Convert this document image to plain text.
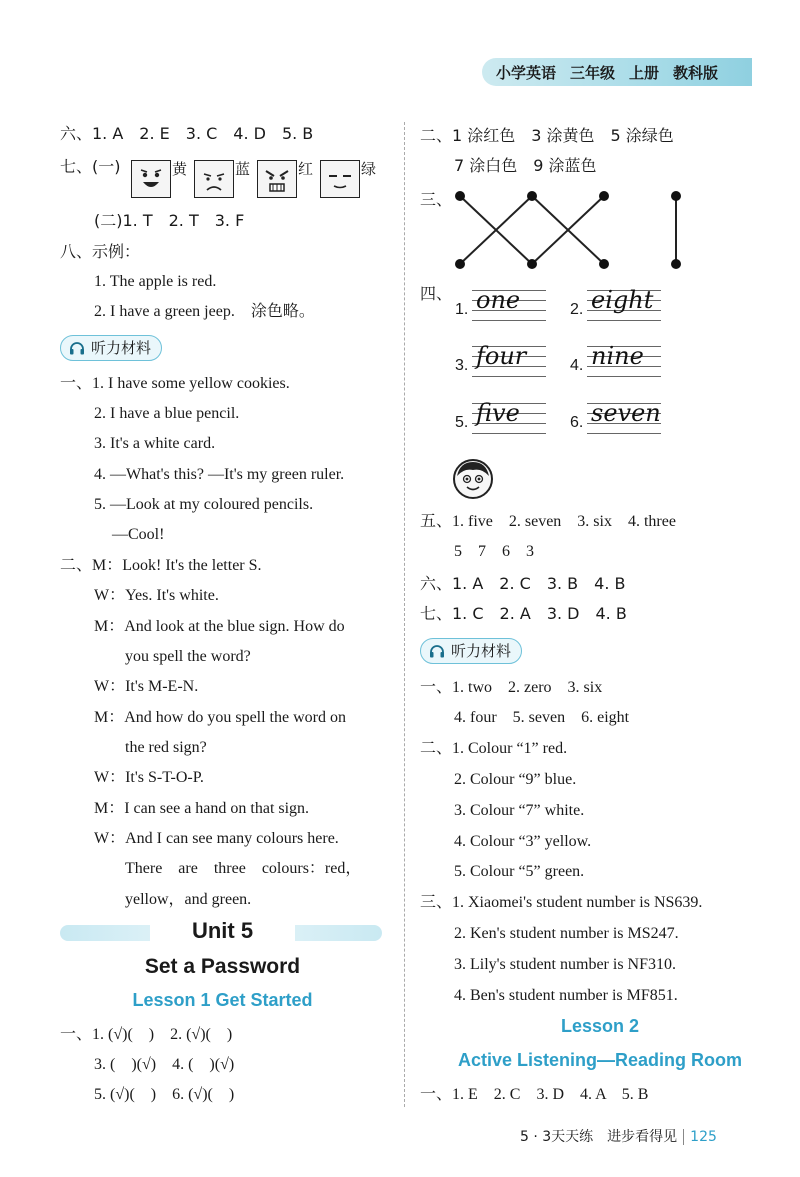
小学英语 三年级 上册 教科版
六、1. A　2. E　3. C　4. D　5. B
七、(一)	黄	蓝	红	绿
(二)1. T　2. T　3. F
八、示例：
1. The apple is red.
2. I have a green jeep.　涂色略。
听力材料
一、1. I have some yellow cookies.
2. I have a blue pencil.
3. It's a white card.
4. —What's this? —It's my green ruler.
5. —Look at my coloured pencils.
—Cool!
二、M：Look! It's the letter S.
W：Yes. It's white.
M：And look at the blue sign. How do
you spell the word?
W：It's M-E-N.
M：And how do you spell the word on
the red sign?
W：It's S-T-O-P.
M：I can see a hand on that sign.
W：And I can see many colours here.
There　are　three　colours：red，
yellow，and green.
Unit 5
Set a Password
Lesson 1 Get Started
一、1. (√)(　)　2. (√)(　)
3. (　)(√)　4. (　)(√)
5. (√)(　)　6. (√)(　)
二、1 涂红色　3 涂黄色　5 涂绿色
7 涂白色　9 涂蓝色
三、
四、
1. one	2. eight
3. four	4. nine
5. five	6. seven
五、1. five　2. seven　3. six　4. three
5　7　6　3
六、1. A　2. C　3. B　4. B
七、1. C　2. A　3. D　4. B
听力材料
一、1. two　2. zero　3. six
4. four　5. seven　6. eight
二、1. Colour “1” red.
2. Colour “9” blue.
3. Colour “7” white.
4. Colour “3” yellow.
5. Colour “5” green.
三、1. Xiaomei's student number is NS639.
2. Ken's student number is MS247.
3. Lily's student number is NF310.
4. Ben's student number is MF851.
Lesson 2
Active Listening—Reading Room
一、1. E　2. C　3. D　4. A　5. B
5 · 3天天练　进步看得见 125
